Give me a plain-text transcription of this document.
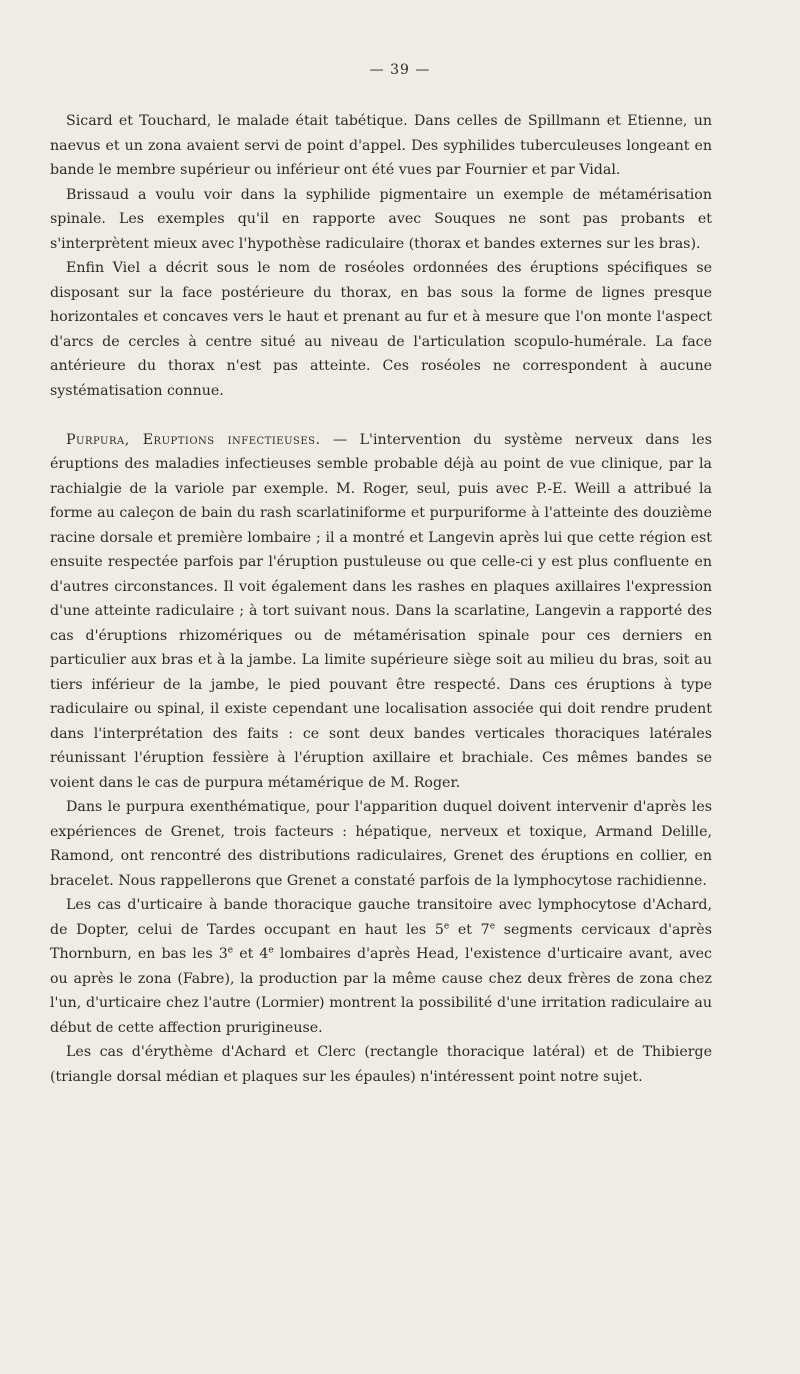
— 39 —

Sicard et Touchard, le malade était tabétique. Dans celles de Spillmann et Etienne, un naevus et un zona avaient servi de point d'appel. Des syphilides tuberculeuses longeant en bande le membre supérieur ou inférieur ont été vues par Fournier et par Vidal.

Brissaud a voulu voir dans la syphilide pigmentaire un exemple de métamérisation spinale. Les exemples qu'il en rapporte avec Souques ne sont pas probants et s'interprètent mieux avec l'hypothèse radiculaire (thorax et bandes externes sur les bras).

Enfin Viel a décrit sous le nom de roséoles ordonnées des éruptions spécifiques se disposant sur la face postérieure du thorax, en bas sous la forme de lignes presque horizontales et concaves vers le haut et prenant au fur et à mesure que l'on monte l'aspect d'arcs de cercles à centre situé au niveau de l'articulation scopulo-humérale. La face antérieure du thorax n'est pas atteinte. Ces roséoles ne correspondent à aucune systématisation connue.

Purpura, Eruptions infectieuses. — L'intervention du système nerveux dans les éruptions des maladies infectieuses semble probable déjà au point de vue clinique, par la rachialgie de la variole par exemple. M. Roger, seul, puis avec P.-E. Weill a attribué la forme au caleçon de bain du rash scarlatiniforme et purpuriforme à l'atteinte des douzième racine dorsale et première lombaire ; il a montré et Langevin après lui que cette région est ensuite respectée parfois par l'éruption pustuleuse ou que celle-ci y est plus confluente en d'autres circonstances. Il voit également dans les rashes en plaques axillaires l'expression d'une atteinte radiculaire ; à tort suivant nous. Dans la scarlatine, Langevin a rapporté des cas d'éruptions rhizomériques ou de métamérisation spinale pour ces derniers en particulier aux bras et à la jambe. La limite supérieure siège soit au milieu du bras, soit au tiers inférieur de la jambe, le pied pouvant être respecté. Dans ces éruptions à type radiculaire ou spinal, il existe cependant une localisation associée qui doit rendre prudent dans l'interprétation des faits : ce sont deux bandes verticales thoraciques latérales réunissant l'éruption fessière à l'éruption axillaire et brachiale. Ces mêmes bandes se voient dans le cas de purpura métamérique de M. Roger.

Dans le purpura exenthématique, pour l'apparition duquel doivent intervenir d'après les expériences de Grenet, trois facteurs : hépatique, nerveux et toxique, Armand Delille, Ramond, ont rencontré des distributions radiculaires, Grenet des éruptions en collier, en bracelet. Nous rappellerons que Grenet a constaté parfois de la lymphocytose rachidienne.

Les cas d'urticaire à bande thoracique gauche transitoire avec lymphocytose d'Achard, de Dopter, celui de Tardes occupant en haut les 5e et 7e segments cervicaux d'après Thornburn, en bas les 3e et 4e lombaires d'après Head, l'existence d'urticaire avant, avec ou après le zona (Fabre), la production par la même cause chez deux frères de zona chez l'un, d'urticaire chez l'autre (Lormier) montrent la possibilité d'une irritation radiculaire au début de cette affection prurigineuse.

Les cas d'érythème d'Achard et Clerc (rectangle thoracique latéral) et de Thibierge (triangle dorsal médian et plaques sur les épaules) n'intéressent point notre sujet.
